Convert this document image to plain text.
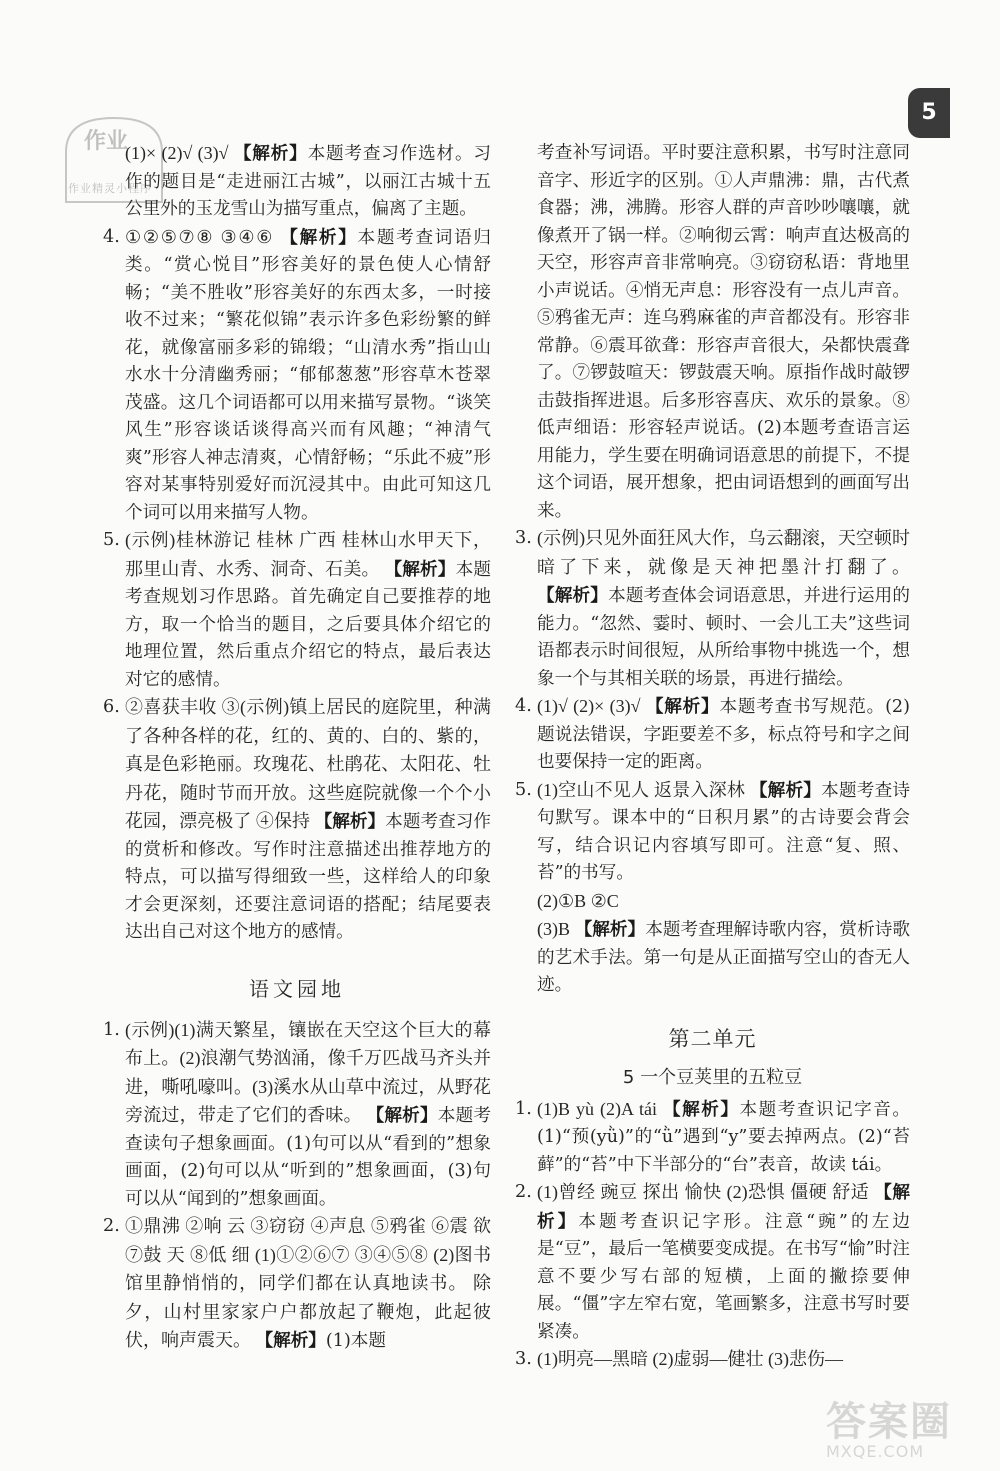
5
作业
作业精灵小程序

(1)× (2)√ (3)√ 【解析】本题考查习作选材。习作的题目是“走进丽江古城”，以丽江古城十五公里外的玉龙雪山为描写重点，偏离了主题。

4. ①②⑤⑦⑧ ③④⑥ 【解析】本题考查词语归类。“赏心悦目”形容美好的景色使人心情舒畅；“美不胜收”形容美好的东西太多，一时接收不过来；“繁花似锦”表示许多色彩纷繁的鲜花，就像富丽多彩的锦缎；“山清水秀”指山山水水十分清幽秀丽；“郁郁葱葱”形容草木苍翠茂盛。这几个词语都可以用来描写景物。“谈笑风生”形容谈话谈得高兴而有风趣；“神清气爽”形容人神志清爽，心情舒畅；“乐此不疲”形容对某事特别爱好而沉浸其中。由此可知这几个词可以用来描写人物。

5. (示例)桂林游记 桂林 广西 桂林山水甲天下，那里山青、水秀、洞奇、石美。 【解析】本题考查规划习作思路。首先确定自己要推荐的地方，取一个恰当的题目，之后要具体介绍它的地理位置，然后重点介绍它的特点，最后表达对它的感情。

6. ②喜获丰收 ③(示例)镇上居民的庭院里，种满了各种各样的花，红的、黄的、白的、紫的，真是色彩艳丽。玫瑰花、杜鹃花、太阳花、牡丹花，随时节而开放。这些庭院就像一个个小花园，漂亮极了 ④保持 【解析】本题考查习作的赏析和修改。写作时注意描述出推荐地方的特点，可以描写得细致一些，这样给人的印象才会更深刻，还要注意词语的搭配；结尾要表达出自己对这个地方的感情。

语文园地

1. (示例)(1)满天繁星，镶嵌在天空这个巨大的幕布上。(2)浪潮气势汹涌，像千万匹战马齐头并进，嘶吼嚎叫。(3)溪水从山草中流过，从野花旁流过，带走了它们的香味。 【解析】本题考查读句子想象画面。(1)句可以从“看到的”想象画面，(2)句可以从“听到的”想象画面，(3)句可以从“闻到的”想象画面。

2. ①鼎沸 ②响 云 ③窃窃 ④声息 ⑤鸦雀 ⑥震 欲 ⑦鼓 天 ⑧低 细 (1)①②⑥⑦ ③④⑤⑧ (2)图书馆里静悄悄的，同学们都在认真地读书。 除夕，山村里家家户户都放起了鞭炮，此起彼伏，响声震天。 【解析】(1)本题

考查补写词语。平时要注意积累，书写时注意同音字、形近字的区别。①人声鼎沸：鼎，古代煮食器；沸，沸腾。形容人群的声音吵吵嚷嚷，就像煮开了锅一样。②响彻云霄：响声直达极高的天空，形容声音非常响亮。③窃窃私语：背地里小声说话。④悄无声息：形容没有一点儿声音。⑤鸦雀无声：连乌鸦麻雀的声音都没有。形容非常静。⑥震耳欲聋：形容声音很大，朵都快震聋了。⑦锣鼓喧天：锣鼓震天响。原指作战时敲锣击鼓指挥进退。后多形容喜庆、欢乐的景象。⑧低声细语：形容轻声说话。(2)本题考查语言运用能力，学生要在明确词语意思的前提下，不提这个词语，展开想象，把由词语想到的画面写出来。

3. (示例)只见外面狂风大作，乌云翻滚，天空顿时暗了下来，就像是天神把墨汁打翻了。 【解析】本题考查体会词语意思，并进行运用的能力。“忽然、霎时、顿时、一会儿工夫”这些词语都表示时间很短，从所给事物中挑选一个，想象一个与其相关联的场景，再进行描绘。

4. (1)√ (2)× (3)√ 【解析】本题考查书写规范。(2)题说法错误，字距要差不多，标点符号和字之间也要保持一定的距离。

5. (1)空山不见人 返景入深林 【解析】本题考查诗句默写。课本中的“日积月累”的古诗要会背会写，结合识记内容填写即可。注意“复、照、苔”的书写。

(2)①B ②C

(3)B 【解析】本题考查理解诗歌内容，赏析诗歌的艺术手法。第一句是从正面描写空山的杳无人迹。

第二单元
5 一个豆荚里的五粒豆

1. (1)B yù (2)A tái 【解析】本题考查识记字音。(1)“预(yǜ)”的“ǜ”遇到“y”要去掉两点。(2)“苔藓”的“苔”中下半部分的“台”表音，故读 tái。

2. (1)曾经 豌豆 探出 愉快 (2)恐惧 僵硬 舒适 【解析】本题考查识记字形。注意“豌”的左边是“豆”，最后一笔横要变成提。在书写“愉”时注意不要少写右部的短横，上面的撇捺要伸展。“僵”字左窄右宽，笔画繁多，注意书写时要紧凑。

3. (1)明亮—黑暗 (2)虚弱—健壮 (3)悲伤—

答案圈
MXQE.COM
